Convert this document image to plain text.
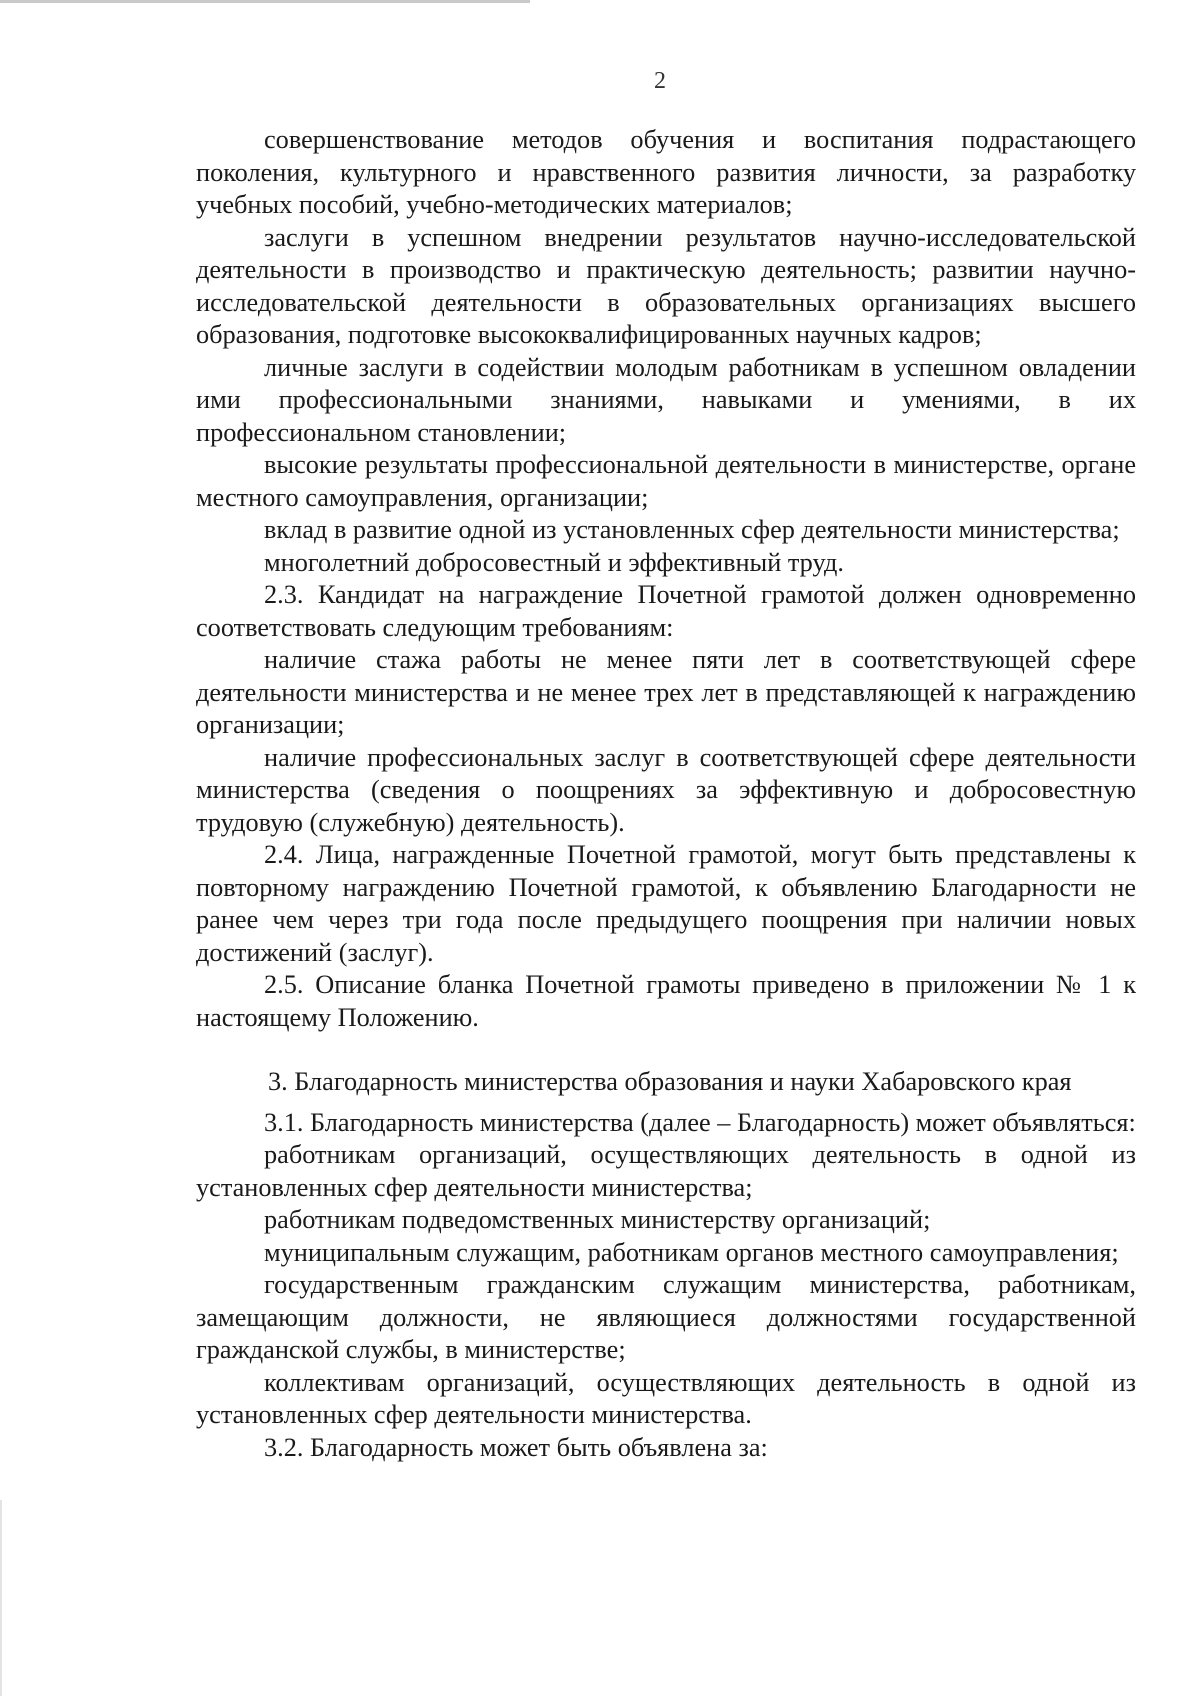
2

совершенствование методов обучения и воспитания подрастающего поколения, культурного и нравственного развития личности, за разработку учебных пособий, учебно-методических материалов;

заслуги в успешном внедрении результатов научно-исследовательской деятельности в производство и практическую деятельность; развитии научно-исследовательской деятельности в образовательных организациях высшего образования, подготовке высококвалифицированных научных кадров;

личные заслуги в содействии молодым работникам в успешном овладении ими профессиональными знаниями, навыками и умениями, в их профессиональном становлении;

высокие результаты профессиональной деятельности в министерстве, органе местного самоуправления, организации;

вклад в развитие одной из установленных сфер деятельности министерства;

многолетний добросовестный и эффективный труд.

2.3. Кандидат на награждение Почетной грамотой должен одновременно соответствовать следующим требованиям:

наличие стажа работы не менее пяти лет в соответствующей сфере деятельности министерства и не менее трех лет в представляющей к награждению организации;

наличие профессиональных заслуг в соответствующей сфере деятельности министерства (сведения о поощрениях за эффективную и добросовестную трудовую (служебную) деятельность).

2.4. Лица, награжденные Почетной грамотой, могут быть представлены к повторному награждению Почетной грамотой, к объявлению Благодарности не ранее чем через три года после предыдущего поощрения при наличии новых достижений (заслуг).

2.5. Описание бланка Почетной грамоты приведено в приложении № 1 к настоящему Положению.

3. Благодарность министерства образования и науки Хабаровского края

3.1. Благодарность министерства (далее – Благодарность) может объявляться:

работникам организаций, осуществляющих деятельность в одной из установленных сфер деятельности министерства;

работникам подведомственных министерству организаций;

муниципальным служащим, работникам органов местного самоуправления;

государственным гражданским служащим министерства, работникам, замещающим должности, не являющиеся должностями государственной гражданской службы, в министерстве;

коллективам организаций, осуществляющих деятельность в одной из установленных сфер деятельности министерства.

3.2. Благодарность может быть объявлена за:
